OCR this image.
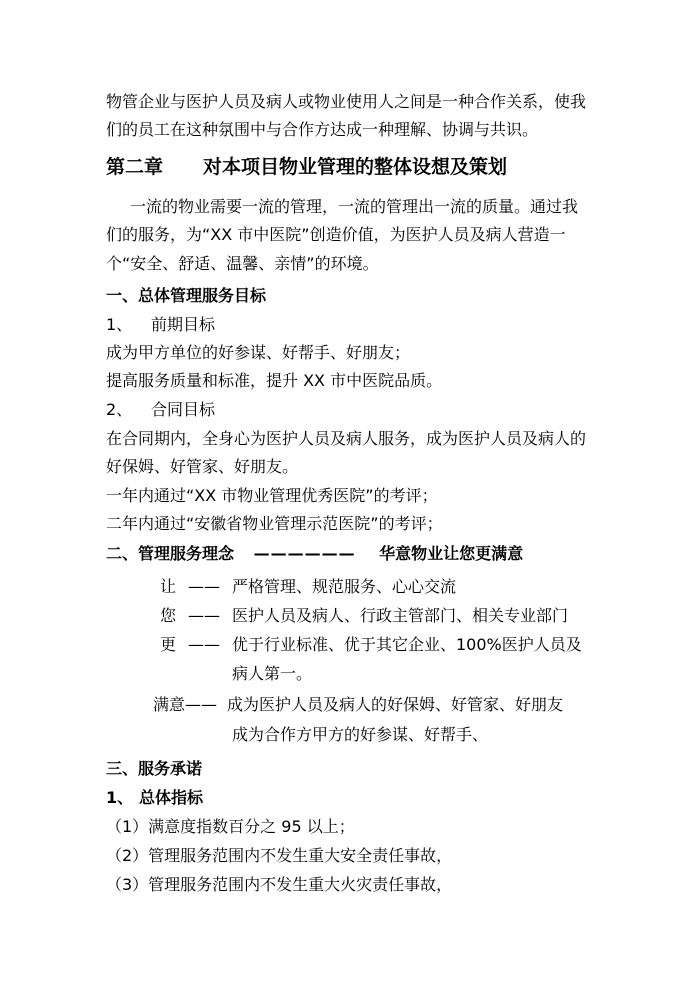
物管企业与医护人员及病人或物业使用人之间是一种合作关系，使我
们的员工在这种氛围中与合作方达成一种理解、协调与共识。
第二章 对本项目物业管理的整体设想及策划
一流的物业需要一流的管理，一流的管理出一流的质量。通过我
们的服务，为“XX 市中医院”创造价值，为医护人员及病人营造一
个“安全、舒适、温馨、亲情”的环境。
一、总体管理服务目标
1、 前期目标
成为甲方单位的好参谋、好帮手、好朋友；
提高服务质量和标准，提升 XX 市中医院品质。
2、 合同目标
在合同期内，全身心为医护人员及病人服务，成为医护人员及病人的
好保姆、好管家、好朋友。
一年内通过“XX 市物业管理优秀医院”的考评；
二年内通过“安徽省物业管理示范医院”的考评；
二、管理服务理念 —————— 华意物业让您更满意
让 —— 严格管理、规范服务、心心交流
您 —— 医护人员及病人、行政主管部门、相关专业部门
更 —— 优于行业标准、优于其它企业、100%医护人员及
病人第一。
满意—— 成为医护人员及病人的好保姆、好管家、好朋友
成为合作方甲方的好参谋、好帮手、
三、服务承诺
1、 总体指标
（1）满意度指数百分之 95 以上；
（2）管理服务范围内不发生重大安全责任事故，
（3）管理服务范围内不发生重大火灾责任事故，
